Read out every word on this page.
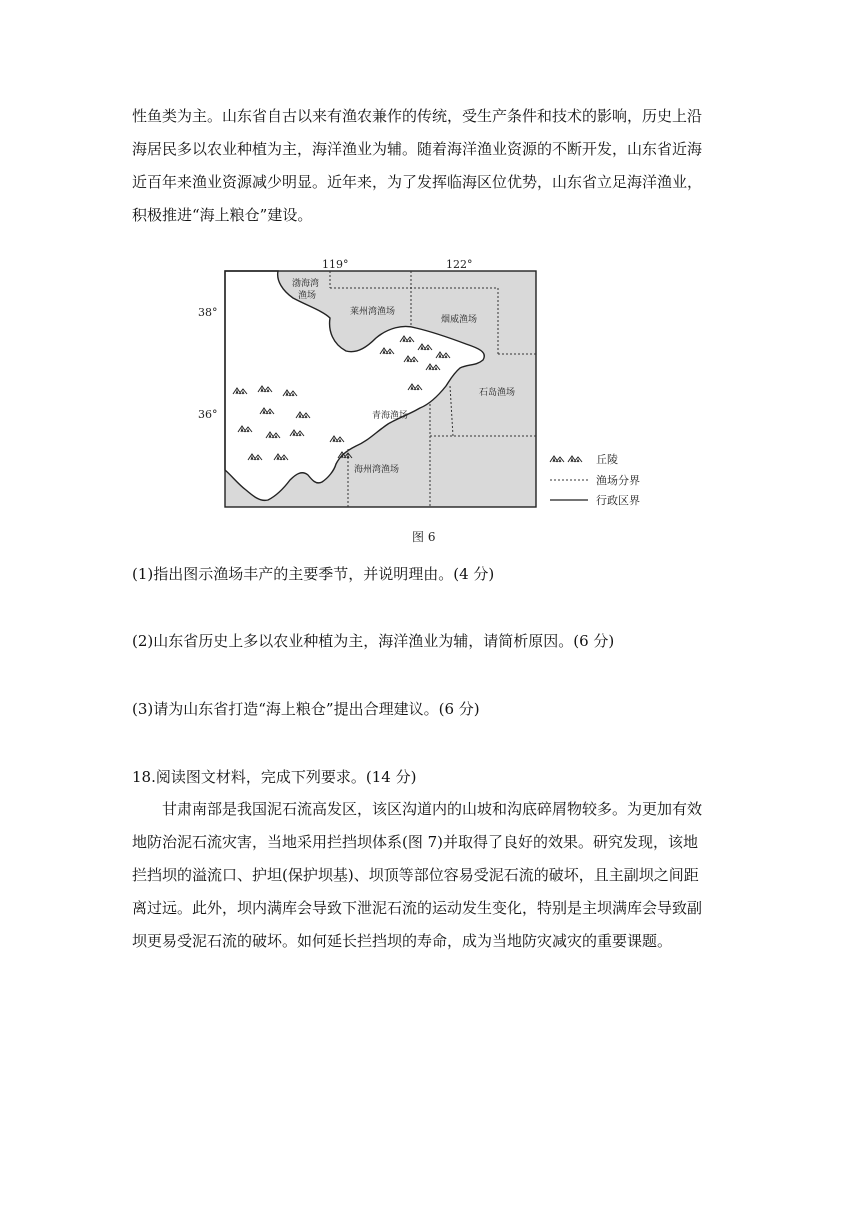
性鱼类为主。山东省自古以来有渔农兼作的传统，受生产条件和技术的影响，历史上沿
海居民多以农业种植为主，海洋渔业为辅。随着海洋渔业资源的不断开发，山东省近海
近百年来渔业资源减少明显。近年来，为了发挥临海区位优势，山东省立足海洋渔业，
积极推进“海上粮仓”建设。
119°	122°
38°
36°
渤海湾
渔场
莱州湾渔场
烟威渔场
石岛渔场
青海渔场
海州湾渔场
丘陵
渔场分界
行政区界
图 6
(1)指出图示渔场丰产的主要季节，并说明理由。(4 分)
(2)山东省历史上多以农业种植为主，海洋渔业为辅，请简析原因。(6 分)
(3)请为山东省打造“海上粮仓”提出合理建议。(6 分)
18.阅读图文材料，完成下列要求。(14 分)
甘肃南部是我国泥石流高发区，该区沟道内的山坡和沟底碎屑物较多。为更加有效
地防治泥石流灾害，当地采用拦挡坝体系(图 7)并取得了良好的效果。研究发现，该地
拦挡坝的溢流口、护坦(保护坝基)、坝顶等部位容易受泥石流的破坏，且主副坝之间距
离过远。此外，坝内满库会导致下泄泥石流的运动发生变化，特别是主坝满库会导致副
坝更易受泥石流的破坏。如何延长拦挡坝的寿命，成为当地防灾减灾的重要课题。
